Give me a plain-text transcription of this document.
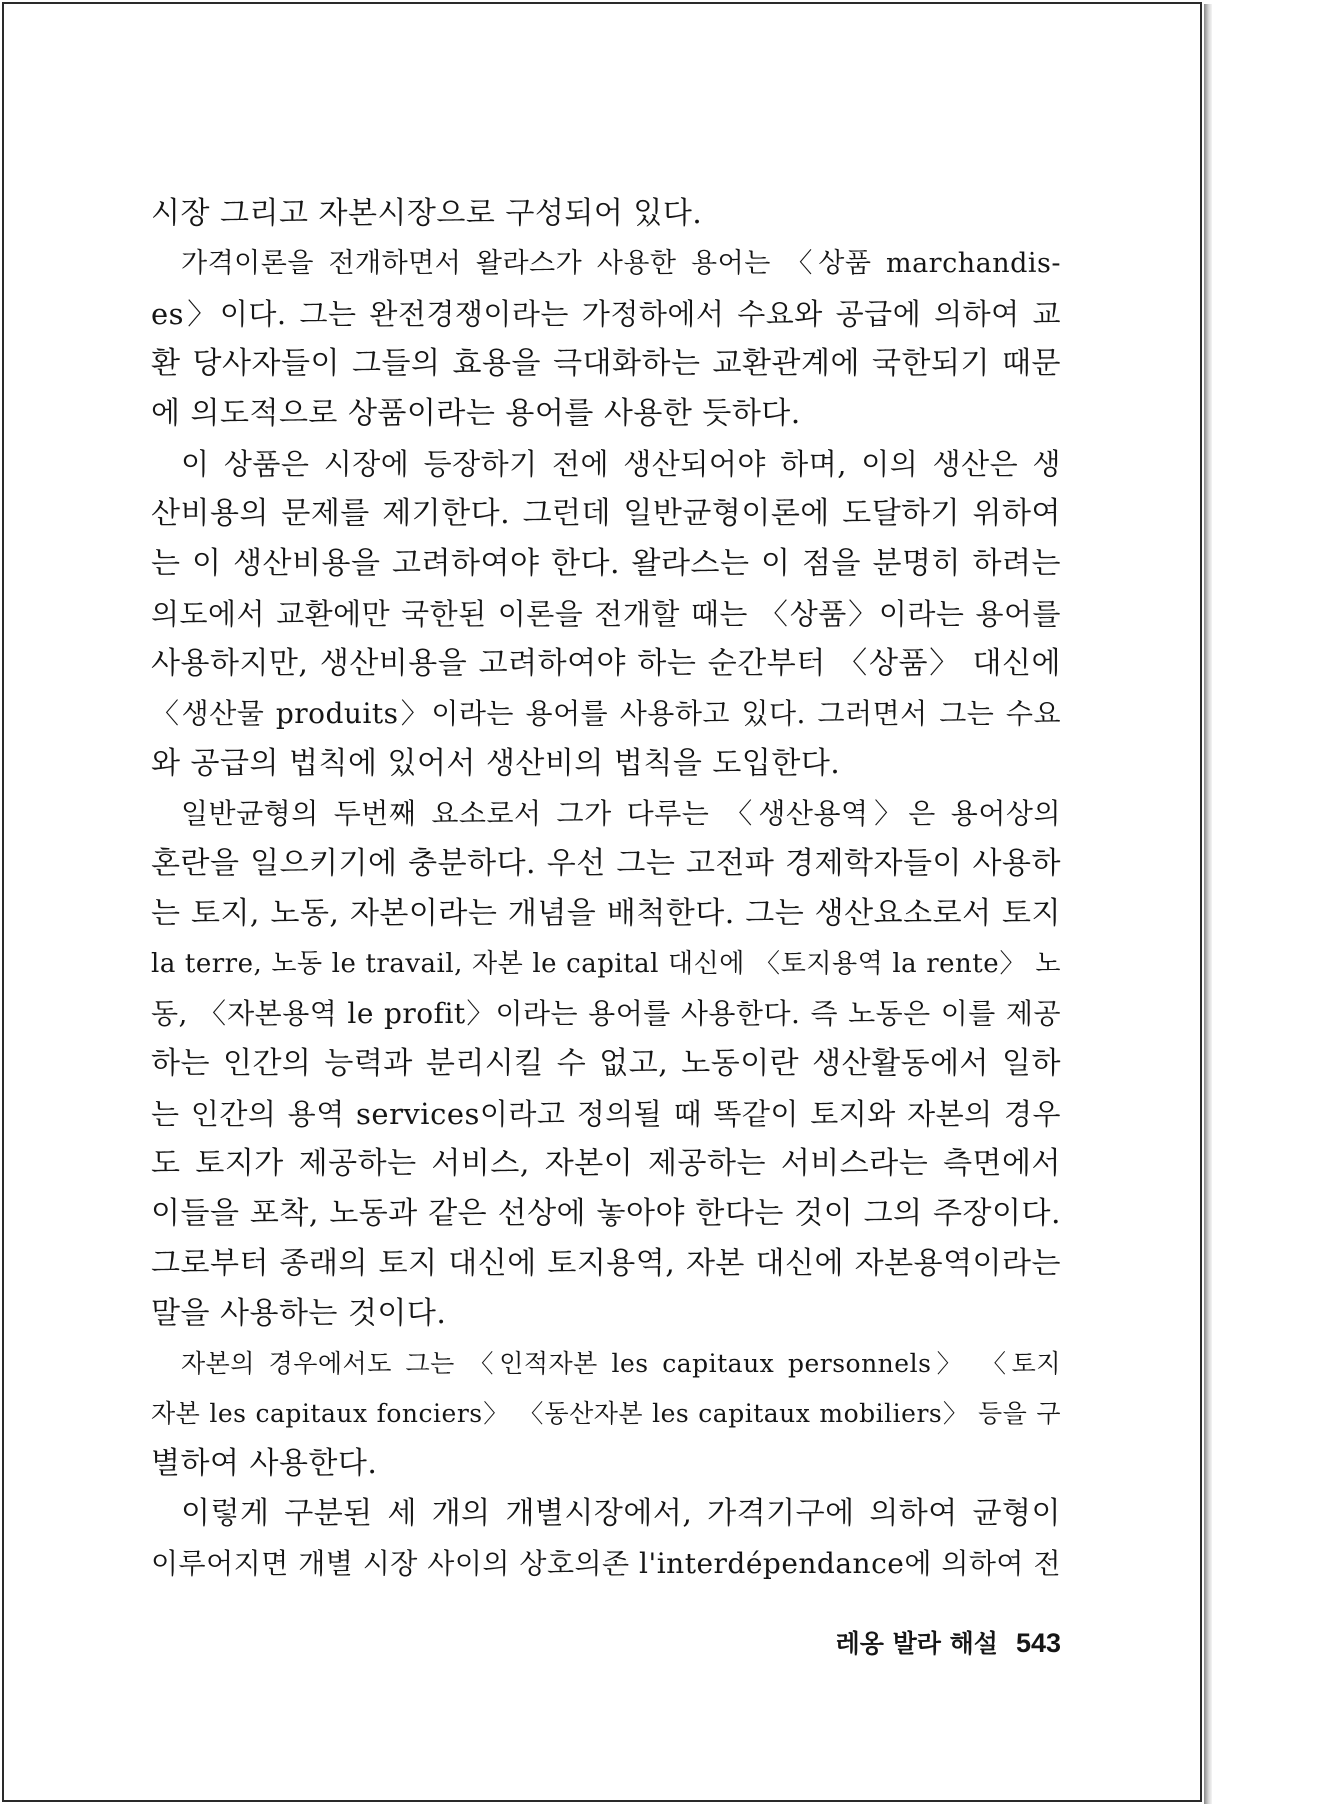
시장 그리고 자본시장으로 구성되어 있다.
가격이론을 전개하면서 왈라스가 사용한 용어는 〈상품 marchandis-
es〉이다. 그는 완전경쟁이라는 가정하에서 수요와 공급에 의하여 교
환 당사자들이 그들의 효용을 극대화하는 교환관계에 국한되기 때문
에 의도적으로 상품이라는 용어를 사용한 듯하다.
이 상품은 시장에 등장하기 전에 생산되어야 하며, 이의 생산은 생
산비용의 문제를 제기한다. 그런데 일반균형이론에 도달하기 위하여
는 이 생산비용을 고려하여야 한다. 왈라스는 이 점을 분명히 하려는
의도에서 교환에만 국한된 이론을 전개할 때는 〈상품〉이라는 용어를
사용하지만, 생산비용을 고려하여야 하는 순간부터 〈상품〉 대신에
〈생산물 produits〉이라는 용어를 사용하고 있다. 그러면서 그는 수요
와 공급의 법칙에 있어서 생산비의 법칙을 도입한다.
일반균형의 두번째 요소로서 그가 다루는 〈생산용역〉은 용어상의
혼란을 일으키기에 충분하다. 우선 그는 고전파 경제학자들이 사용하
는 토지, 노동, 자본이라는 개념을 배척한다. 그는 생산요소로서 토지
la terre, 노동 le travail, 자본 le capital 대신에 〈토지용역 la rente〉 노
동, 〈자본용역 le profit〉이라는 용어를 사용한다. 즉 노동은 이를 제공
하는 인간의 능력과 분리시킬 수 없고, 노동이란 생산활동에서 일하
는 인간의 용역 services이라고 정의될 때 똑같이 토지와 자본의 경우
도 토지가 제공하는 서비스, 자본이 제공하는 서비스라는 측면에서
이들을 포착, 노동과 같은 선상에 놓아야 한다는 것이 그의 주장이다.
그로부터 종래의 토지 대신에 토지용역, 자본 대신에 자본용역이라는
말을 사용하는 것이다.
자본의 경우에서도 그는 〈인적자본 les capitaux personnels〉 〈토지
자본 les capitaux fonciers〉 〈동산자본 les capitaux mobiliers〉 등을 구
별하여 사용한다.
이렇게 구분된 세 개의 개별시장에서, 가격기구에 의하여 균형이
이루어지면 개별 시장 사이의 상호의존 l'interdépendance에 의하여 전
레옹 발라 해설 543
